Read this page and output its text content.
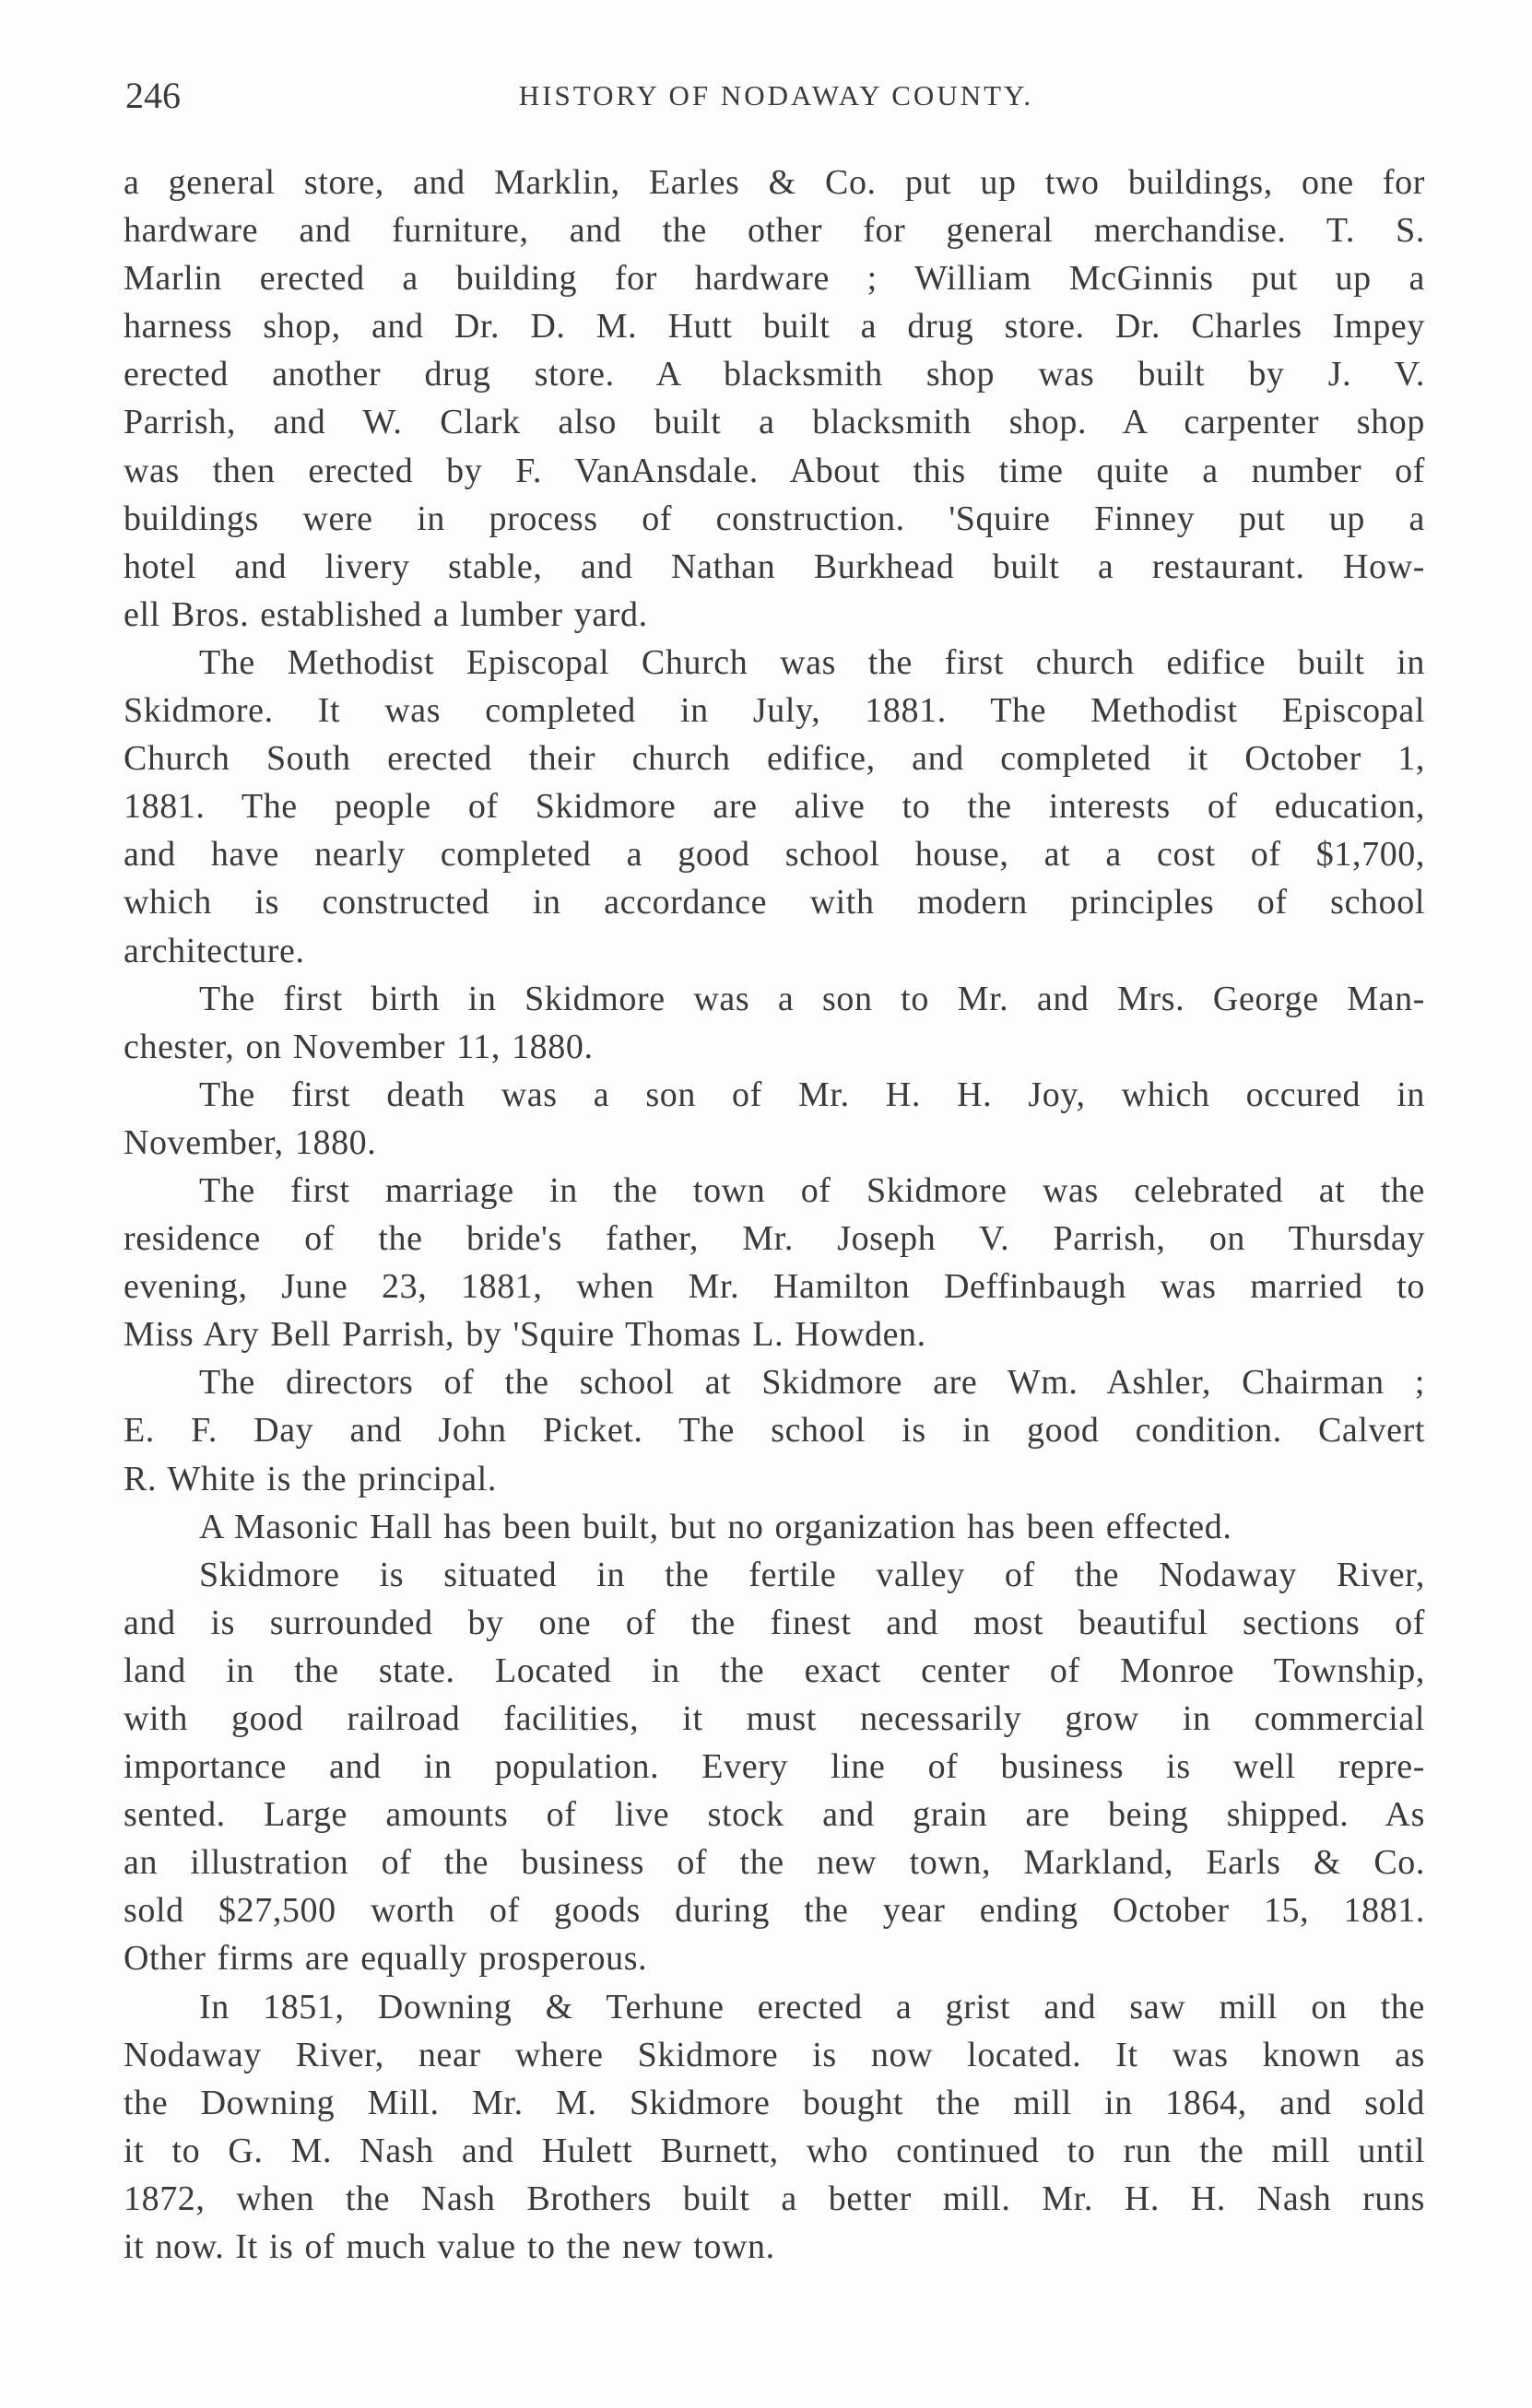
246	HISTORY OF NODAWAY COUNTY.
a general store, and Marklin, Earles & Co. put up two buildings, one for
hardware and furniture, and the other for general merchandise. T. S.
Marlin erected a building for hardware ; William McGinnis put up a
harness shop, and Dr. D. M. Hutt built a drug store. Dr. Charles Impey
erected another drug store. A blacksmith shop was built by J. V.
Parrish, and W. Clark also built a blacksmith shop. A carpenter shop
was then erected by F. VanAnsdale. About this time quite a number of
buildings were in process of construction. 'Squire Finney put up a
hotel and livery stable, and Nathan Burkhead built a restaurant. How-
ell Bros. established a lumber yard.
The Methodist Episcopal Church was the first church edifice built in
Skidmore. It was completed in July, 1881. The Methodist Episcopal
Church South erected their church edifice, and completed it October 1,
1881. The people of Skidmore are alive to the interests of education,
and have nearly completed a good school house, at a cost of $1,700,
which is constructed in accordance with modern principles of school
architecture.
The first birth in Skidmore was a son to Mr. and Mrs. George Man-
chester, on November 11, 1880.
The first death was a son of Mr. H. H. Joy, which occured in
November, 1880.
The first marriage in the town of Skidmore was celebrated at the
residence of the bride's father, Mr. Joseph V. Parrish, on Thursday
evening, June 23, 1881, when Mr. Hamilton Deffinbaugh was married to
Miss Ary Bell Parrish, by 'Squire Thomas L. Howden.
The directors of the school at Skidmore are Wm. Ashler, Chairman ;
E. F. Day and John Picket. The school is in good condition. Calvert
R. White is the principal.
A Masonic Hall has been built, but no organization has been effected.
Skidmore is situated in the fertile valley of the Nodaway River,
and is surrounded by one of the finest and most beautiful sections of
land in the state. Located in the exact center of Monroe Township,
with good railroad facilities, it must necessarily grow in commercial
importance and in population. Every line of business is well repre-
sented. Large amounts of live stock and grain are being shipped. As
an illustration of the business of the new town, Markland, Earls & Co.
sold $27,500 worth of goods during the year ending October 15, 1881.
Other firms are equally prosperous.
In 1851, Downing & Terhune erected a grist and saw mill on the
Nodaway River, near where Skidmore is now located. It was known as
the Downing Mill. Mr. M. Skidmore bought the mill in 1864, and sold
it to G. M. Nash and Hulett Burnett, who continued to run the mill until
1872, when the Nash Brothers built a better mill. Mr. H. H. Nash runs
it now. It is of much value to the new town.
